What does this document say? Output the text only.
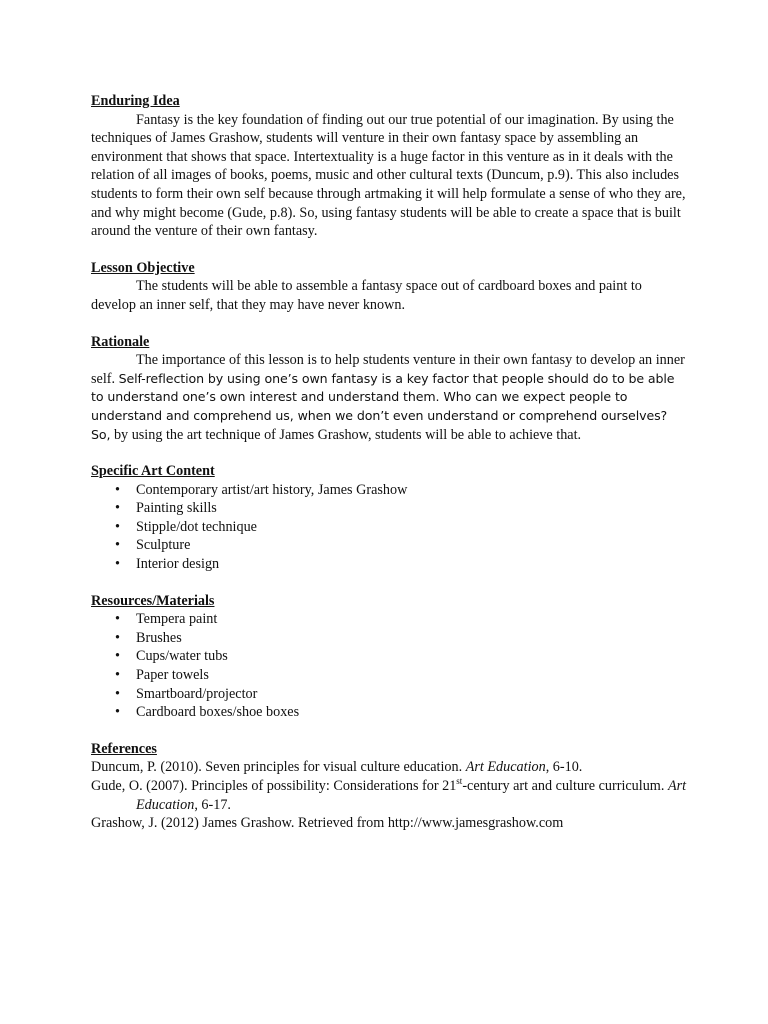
Enduring Idea

Fantasy is the key foundation of finding out our true potential of our imagination. By using the techniques of James Grashow, students will venture in their own fantasy space by assembling an environment that shows that space. Intertextuality is a huge factor in this venture as in it deals with the relation of all images of books, poems, music and other cultural texts (Duncum, p.9). This also includes students to form their own self because through artmaking it will help formulate a sense of who they are, and why might become (Gude, p.8). So, using fantasy students will be able to create a space that is built around the venture of their own fantasy.

Lesson Objective

The students will be able to assemble a fantasy space out of cardboard boxes and paint to develop an inner self, that they may have never known.

Rationale

The importance of this lesson is to help students venture in their own fantasy to develop an inner self. Self-reflection by using one’s own fantasy is a key factor that people should do to be able to understand one’s own interest and understand them. Who can we expect people to understand and comprehend us, when we don’t even understand or comprehend ourselves? So, by using the art technique of James Grashow, students will be able to achieve that.

Specific Art Content
• Contemporary artist/art history, James Grashow
• Painting skills
• Stipple/dot technique
• Sculpture
• Interior design
Resources/Materials
• Tempera paint
• Brushes
• Cups/water tubs
• Paper towels
• Smartboard/projector
• Cardboard boxes/shoe boxes
References

Duncum, P. (2010). Seven principles for visual culture education. Art Education, 6-10.

Gude, O. (2007). Principles of possibility: Considerations for 21st-century art and culture curriculum. Art Education, 6-17.

Grashow, J. (2012) James Grashow. Retrieved from http://www.jamesgrashow.com
